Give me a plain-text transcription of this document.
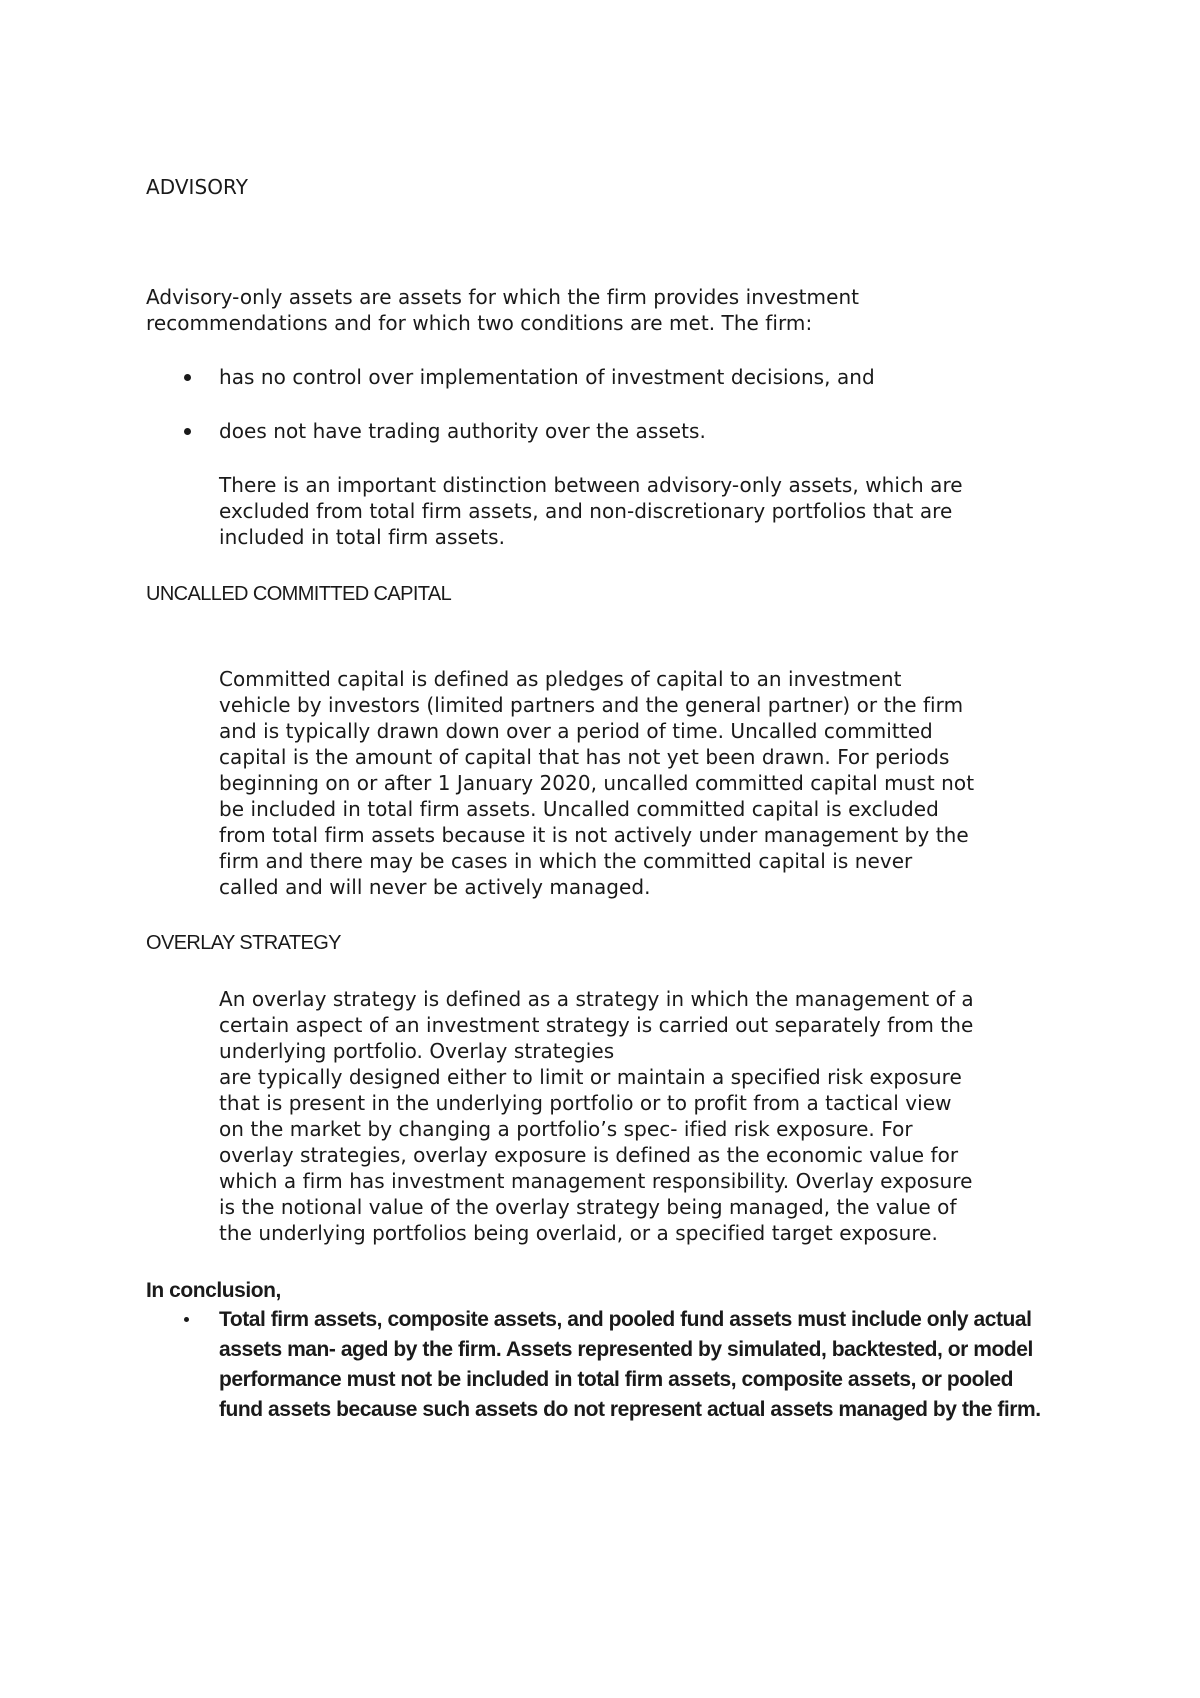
ADVISORY

Advisory-only assets are assets for which the firm provides investment

recommendations and for which two conditions are met. The firm:

has no control over implementation of investment decisions, and

does not have trading authority over the assets.

There is an important distinction between advisory-only assets, which are

excluded from total firm assets, and non-discretionary portfolios that are

included in total firm assets.

UNCALLED COMMITTED CAPITAL

Committed capital is defined as pledges of capital to an investment

vehicle by investors (limited partners and the general partner) or the firm

and is typically drawn down over a period of time. Uncalled committed

capital is the amount of capital that has not yet been drawn. For periods

beginning on or after 1 January 2020, uncalled committed capital must not

be included in total firm assets. Uncalled committed capital is excluded

from total firm assets because it is not actively under management by the

firm and there may be cases in which the committed capital is never

called and will never be actively managed.

OVERLAY STRATEGY

An overlay strategy is defined as a strategy in which the management of a

certain aspect of an investment strategy is carried out separately from the

underlying portfolio. Overlay strategies

are typically designed either to limit or maintain a specified risk exposure

that is present in the underlying portfolio or to profit from a tactical view

on the market by changing a portfolio’s spec- ified risk exposure. For

overlay strategies, overlay exposure is defined as the economic value for

which a firm has investment management responsibility. Overlay exposure

is the notional value of the overlay strategy being managed, the value of

the underlying portfolios being overlaid, or a specified target exposure.

In conclusion,

Total firm assets, composite assets, and pooled fund assets must include only actual

assets man- aged by the firm. Assets represented by simulated, backtested, or model

performance must not be included in total firm assets, composite assets, or pooled

fund assets because such assets do not represent actual assets managed by the firm.
